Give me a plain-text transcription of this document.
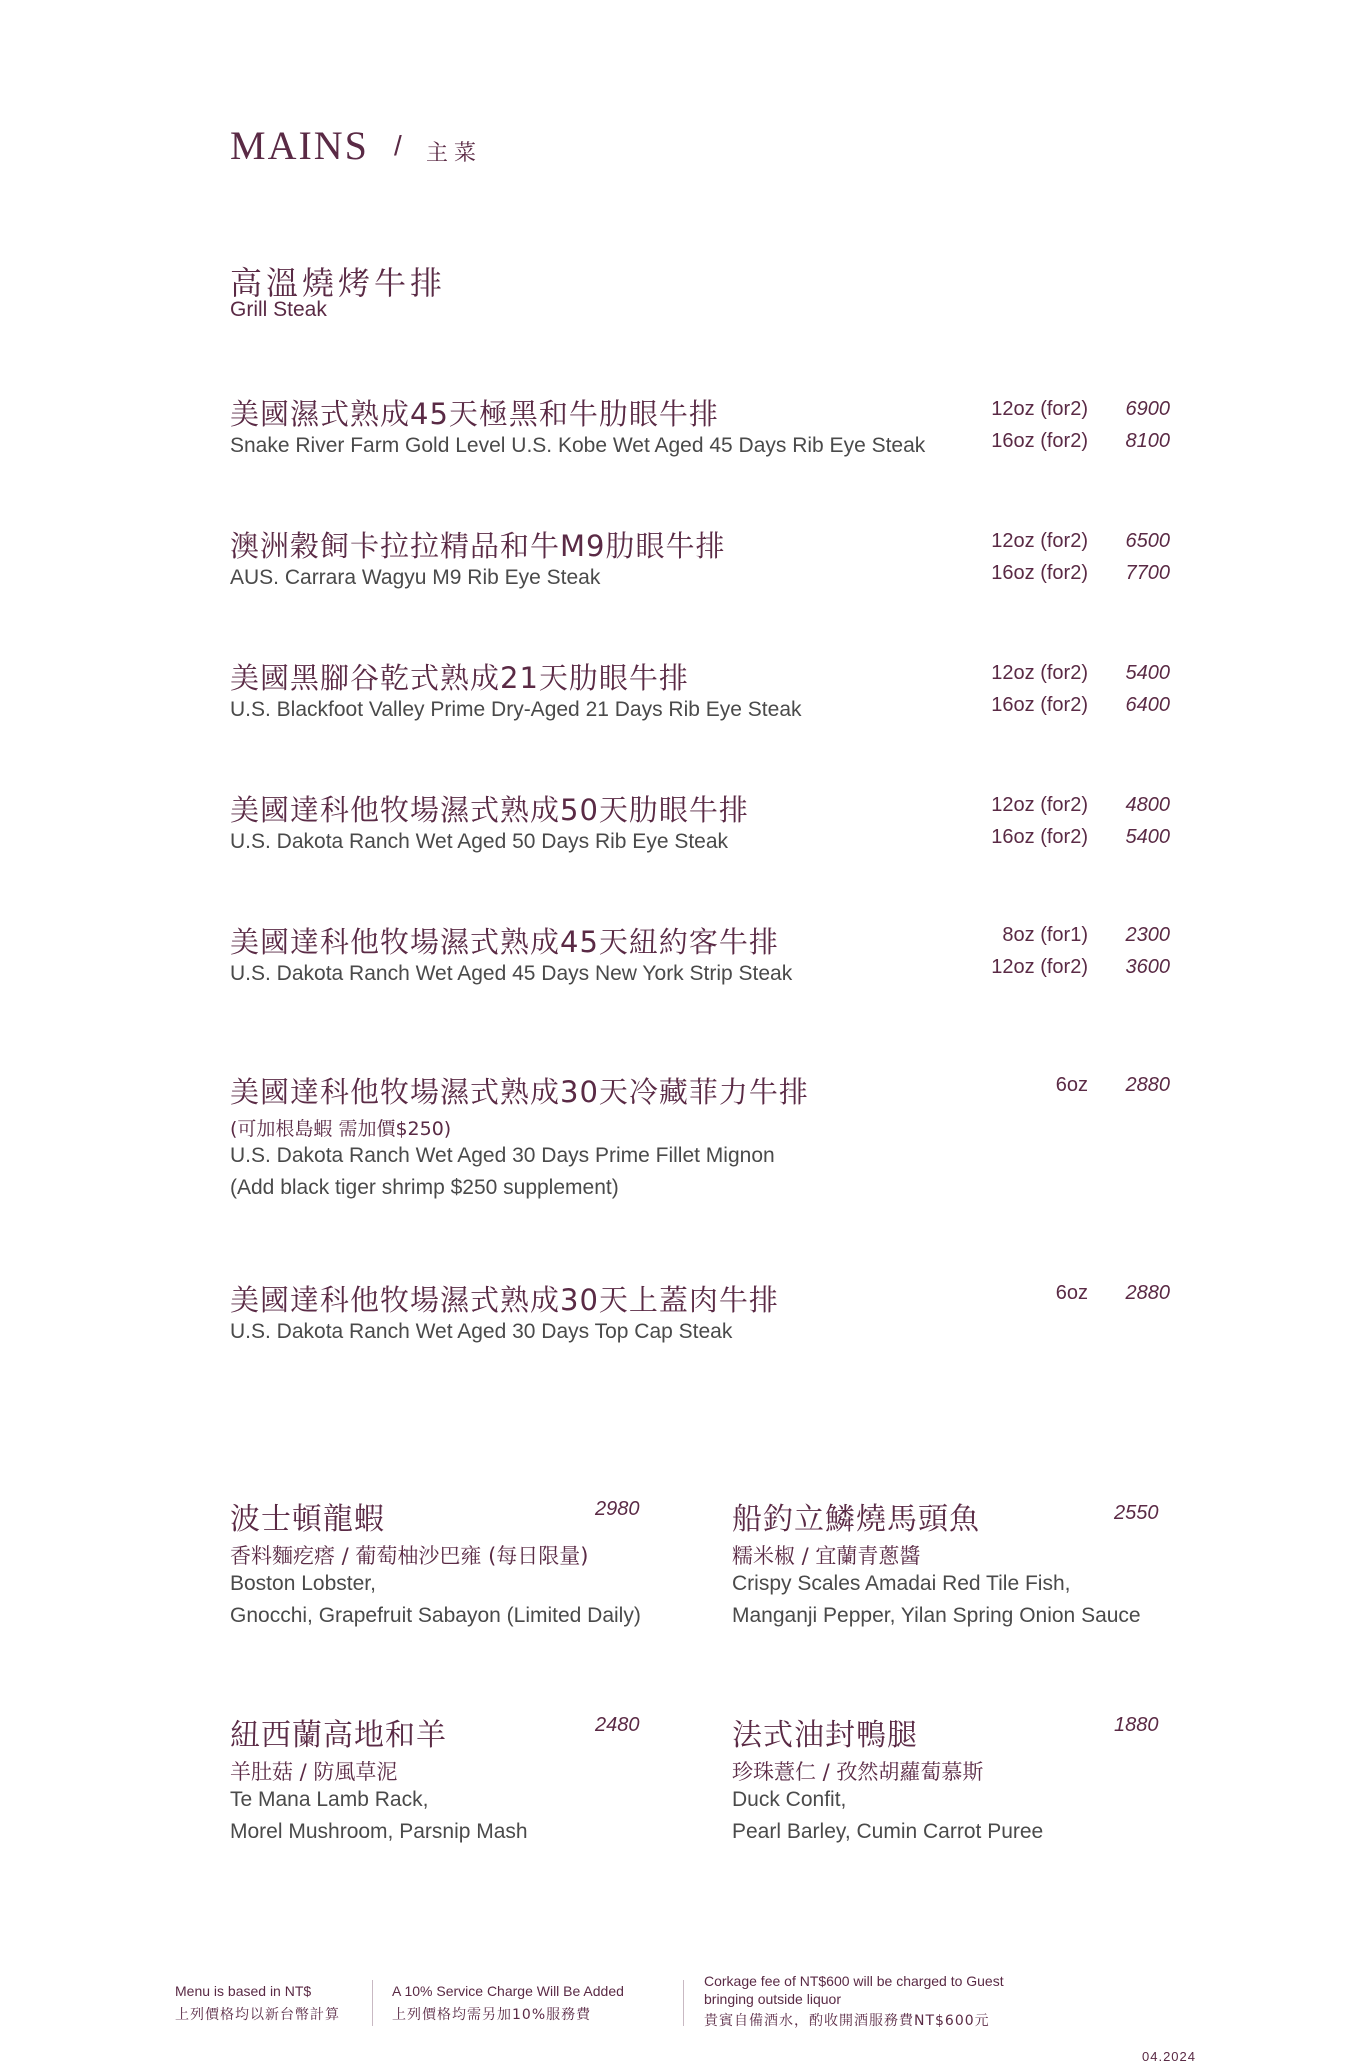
MAINS / 主菜
高溫燒烤牛排
Grill Steak
美國濕式熟成45天極黑和牛肋眼牛排
Snake River Farm Gold Level U.S. Kobe Wet Aged 45 Days Rib Eye Steak
12oz (for2) 6900
16oz (for2) 8100
澳洲穀飼卡拉拉精品和牛M9肋眼牛排
AUS. Carrara Wagyu M9 Rib Eye Steak
12oz (for2) 6500
16oz (for2) 7700
美國黑腳谷乾式熟成21天肋眼牛排
U.S. Blackfoot Valley Prime Dry-Aged 21 Days Rib Eye Steak
12oz (for2) 5400
16oz (for2) 6400
美國達科他牧場濕式熟成50天肋眼牛排
U.S. Dakota Ranch Wet Aged 50 Days Rib Eye Steak
12oz (for2) 4800
16oz (for2) 5400
美國達科他牧場濕式熟成45天紐約客牛排
U.S. Dakota Ranch Wet Aged 45 Days New York Strip Steak
8oz (for1) 2300
12oz (for2) 3600
美國達科他牧場濕式熟成30天冷藏菲力牛排
(可加根島蝦 需加價$250)
U.S. Dakota Ranch Wet Aged 30 Days Prime Fillet Mignon
(Add black tiger shrimp $250 supplement)
6oz 2880
美國達科他牧場濕式熟成30天上蓋肉牛排
U.S. Dakota Ranch Wet Aged 30 Days Top Cap Steak
6oz 2880
波士頓龍蝦	2980
香料麵疙瘩 / 葡萄柚沙巴雍 (每日限量)
Boston Lobster,
Gnocchi, Grapefruit Sabayon (Limited Daily)
船釣立鱗燒馬頭魚	2550
糯米椒 / 宜蘭青蔥醬
Crispy Scales Amadai Red Tile Fish,
Manganji Pepper, Yilan Spring Onion Sauce
紐西蘭高地和羊	2480
羊肚菇 / 防風草泥
Te Mana Lamb Rack,
Morel Mushroom, Parsnip Mash
法式油封鴨腿	1880
珍珠薏仁 / 孜然胡蘿蔔慕斯
Duck Confit,
Pearl Barley, Cumin Carrot Puree
Menu is based in NT$
上列價格均以新台幣計算
A 10% Service Charge Will Be Added
上列價格均需另加10%服務費
Corkage fee of NT$600 will be charged to Guest
bringing outside liquor
貴賓自備酒水，酌收開酒服務費NT$600元
04.2024
